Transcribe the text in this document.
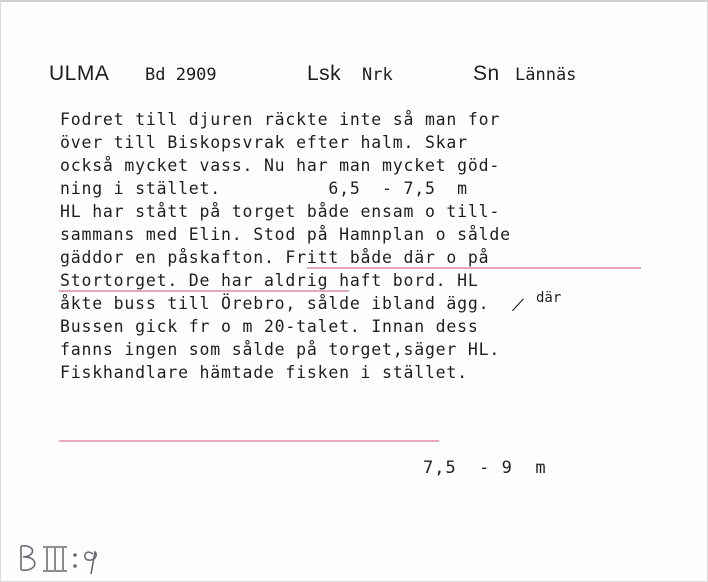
ULMA Bd 2909	Lsk Nrk	Sn Lännäs
Fodret till djuren räckte inte så man for
över till Biskopsvrak efter halm. Skar
också mycket vass. Nu har man mycket göd-
ning i stället.          6,5  - 7,5  m
HL har stått på torget både ensam o till-
sammans med Elin. Stod på Hamnplan o sålde
gäddor en påskafton. Fritt både där o på
Stortorget. De har aldrig haft bord. HL
åkte buss till Örebro, sålde ibland ägg.
Bussen gick fr o m 20-talet. Innan dess
fanns ingen som sålde på torget,säger HL.
Fiskhandlare hämtade fisken i stället.
där
⁄
7,5  - 9  m
